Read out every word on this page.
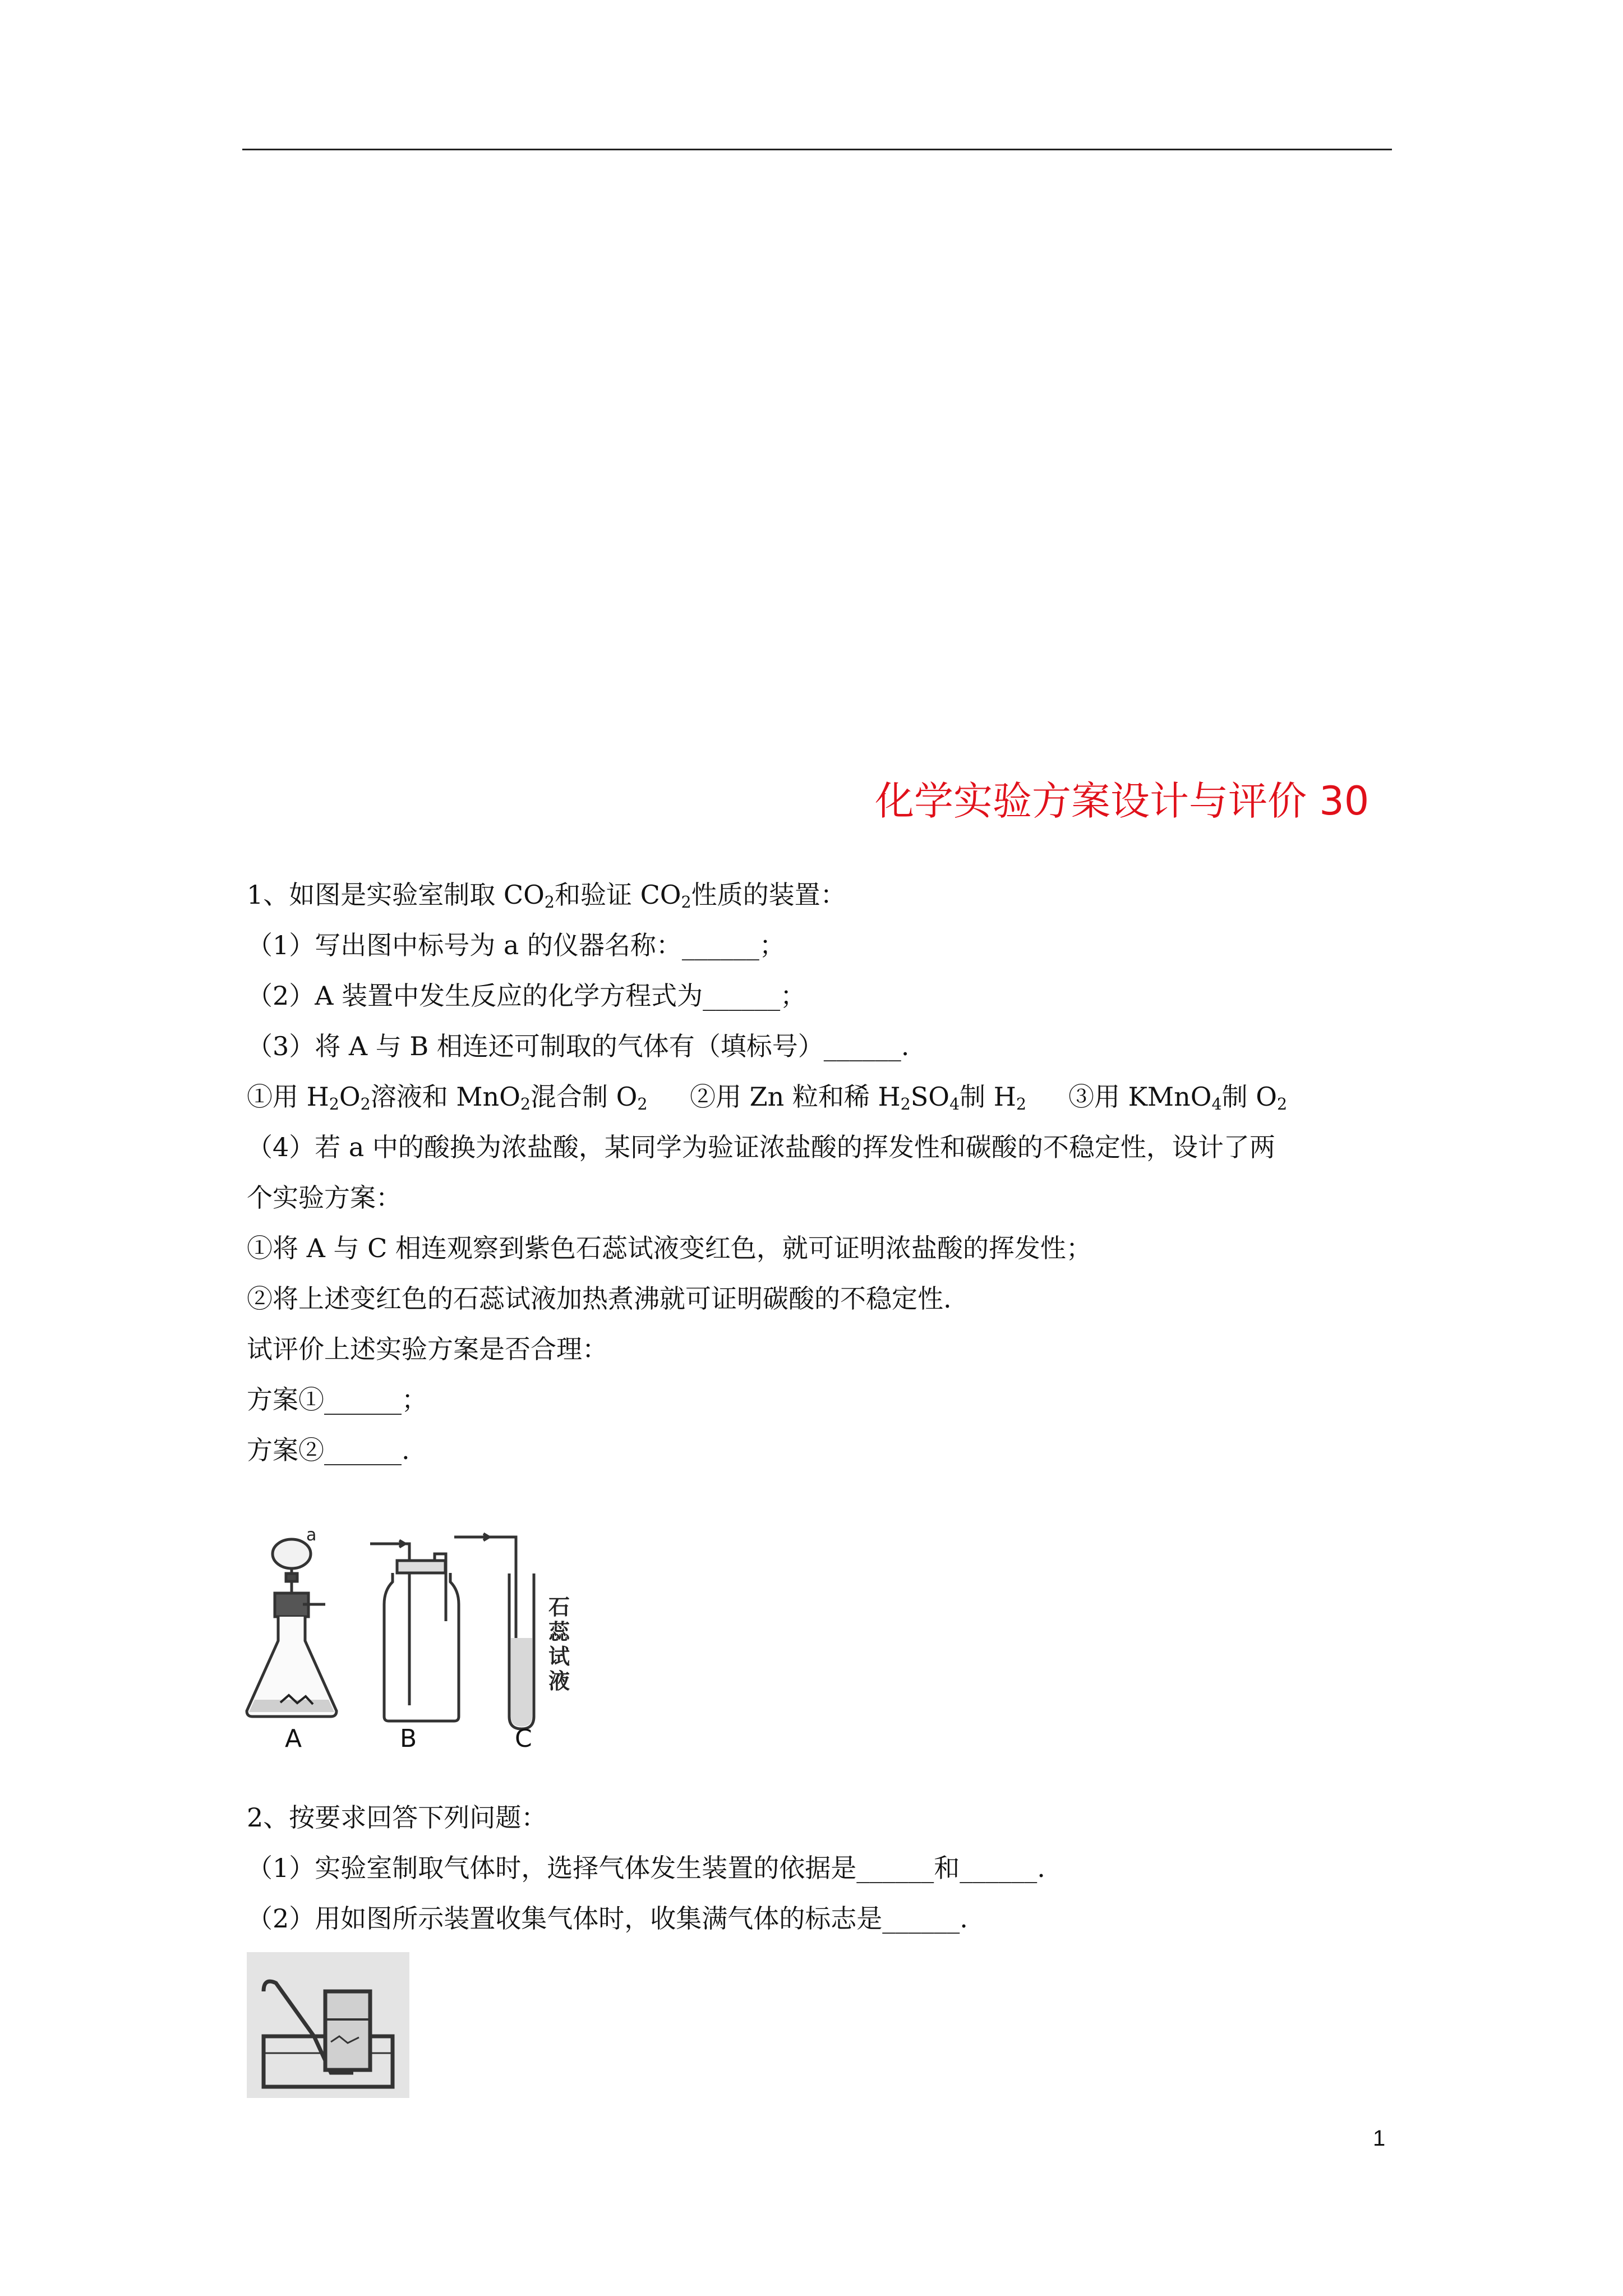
化学实验方案设计与评价 30
1、如图是实验室制取 $CO_2$和验证 $CO_2$性质的装置：
（1）写出图中标号为 a 的仪器名称：______；
（2）A 装置中发生反应的化学方程式为______；
（3）将 A 与 B 相连还可制取的气体有（填标号）______.
①用 $H_2O_2$溶液和 MnO$_2$混合制 $O_2$ ②用 Zn 粒和稀 $H_2SO_4$制 $H_2$ ③用 KMnO$_4$制 $O_2$
（4）若 a 中的酸换为浓盐酸，某同学为验证浓盐酸的挥发性和碳酸的不稳定性，设计了两
个实验方案：
①将 A 与 C 相连观察到紫色石蕊试液变红色，就可证明浓盐酸的挥发性；
②将上述变红色的石蕊试液加热煮沸就可证明碳酸的不稳定性.
试评价上述实验方案是否合理：
方案①______；
方案②______.
a
石
蕊
试
液
A	B	C
2、按要求回答下列问题：
（1）实验室制取气体时，选择气体发生装置的依据是______和______.
（2）用如图所示装置收集气体时，收集满气体的标志是______.
1
